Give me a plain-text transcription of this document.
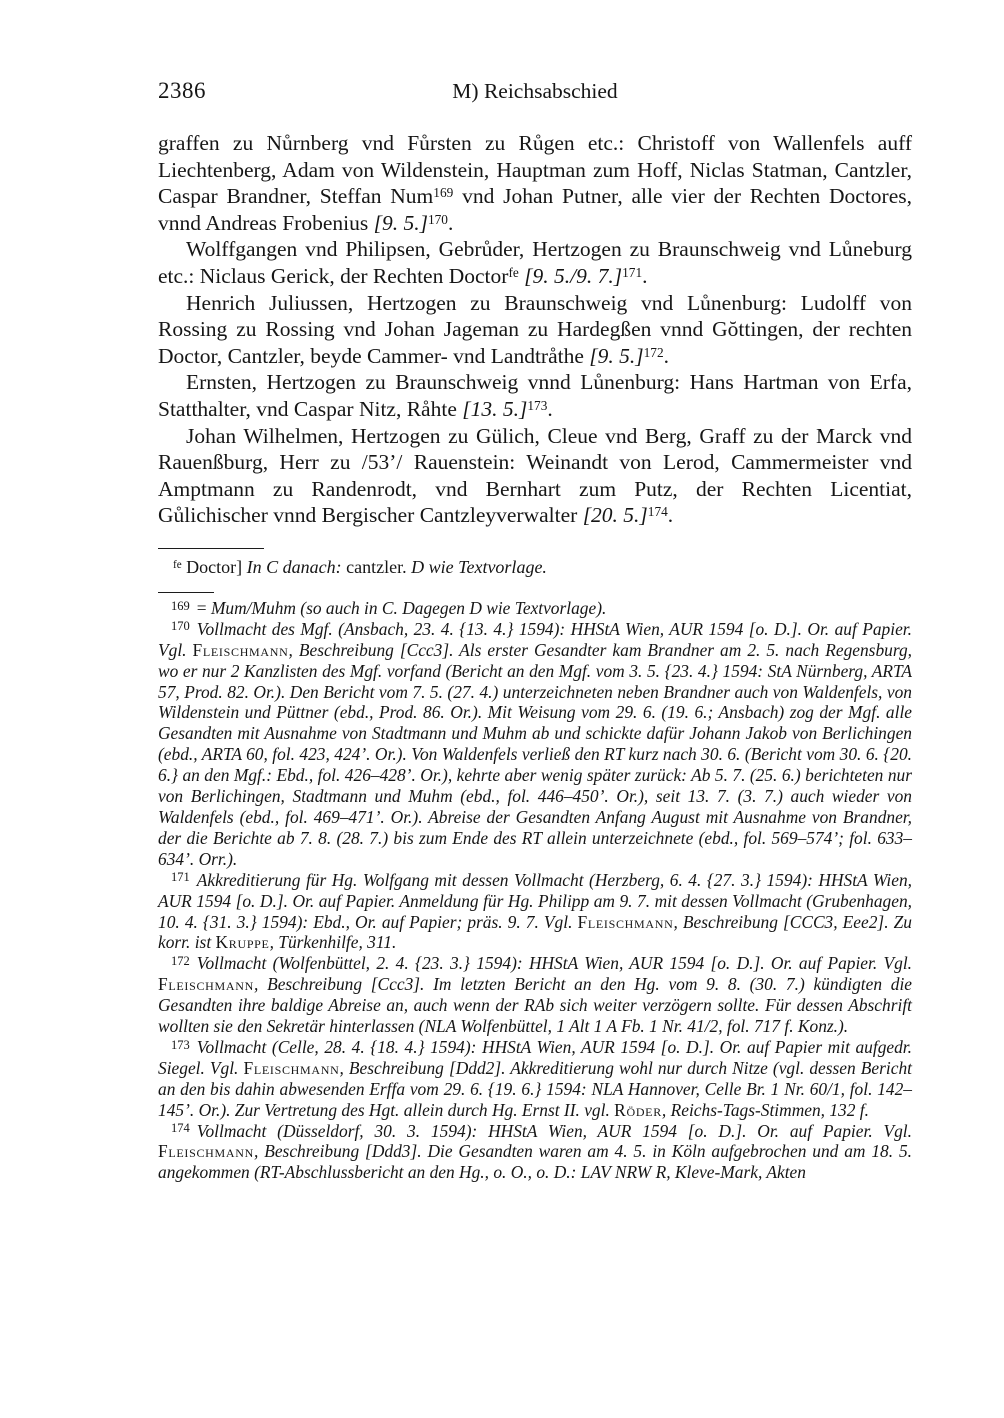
2386	M) Reichsabschied
graffen zu Nůrnberg vnd Fůrsten zu Růgen etc.: Christoff von Wallenfels auff Liechtenberg, Adam von Wildenstein, Hauptman zum Hoff, Niclas Statman, Cantzler, Caspar Brandner, Steffan Num$^{169}$ vnd Johan Putner, alle vier der Rechten Doctores, vnnd Andreas Frobenius [9. 5.]$^{170}$.
Wolffgangen vnd Philipsen, Gebrůder, Hertzogen zu Braunschweig vnd Lůneburg etc.: Niclaus Gerick, der Rechten Doctor$^{fe}$ [9. 5./9. 7.]$^{171}$.
Henrich Juliussen, Hertzogen zu Braunschweig vnd Lůnenburg: Ludolff von Rossing zu Rossing vnd Johan Jageman zu Hardegßen vnnd Gŏttingen, der rechten Doctor, Cantzler, beyde Cammer- vnd Landtråthe [9. 5.]$^{172}$.
Ernsten, Hertzogen zu Braunschweig vnnd Lůnenburg: Hans Hartman von Erfa, Statthalter, vnd Caspar Nitz, Råhte [13. 5.]$^{173}$.
Johan Wilhelmen, Hertzogen zu Gülich, Cleue vnd Berg, Graff zu der Marck vnd Rauenßburg, Herr zu /53’/ Rauenstein: Weinandt von Lerod, Cammermeister vnd Amptmann zu Randenrodt, vnd Bernhart zum Putz, der Rechten Licentiat, Gůlichischer vnnd Bergischer Cantzleyverwalter [20. 5.]$^{174}$.
$^{fe}$ Doctor] In C danach: cantzler. D wie Textvorlage.
$^{169}$ = Mum/Muhm (so auch in C. Dagegen D wie Textvorlage).
$^{170}$ Vollmacht des Mgf. (Ansbach, 23. 4. {13. 4.} 1594): HHStA Wien, AUR 1594 [o. D.]. Or. auf Papier. Vgl. Fleischmann, Beschreibung [Ccc3]. Als erster Gesandter kam Brandner am 2. 5. nach Regensburg, wo er nur 2 Kanzlisten des Mgf. vorfand (Bericht an den Mgf. vom 3. 5. {23. 4.} 1594: StA Nürnberg, ARTA 57, Prod. 82. Or.). Den Bericht vom 7. 5. (27. 4.) unterzeichneten neben Brandner auch von Waldenfels, von Wildenstein und Püttner (ebd., Prod. 86. Or.). Mit Weisung vom 29. 6. (19. 6.; Ansbach) zog der Mgf. alle Gesandten mit Ausnahme von Stadtmann und Muhm ab und schickte dafür Johann Jakob von Berlichingen (ebd., ARTA 60, fol. 423, 424’. Or.). Von Waldenfels verließ den RT kurz nach 30. 6. (Bericht vom 30. 6. {20. 6.} an den Mgf.: Ebd., fol. 426–428’. Or.), kehrte aber wenig später zurück: Ab 5. 7. (25. 6.) berichteten nur von Berlichingen, Stadtmann und Muhm (ebd., fol. 446–450’. Or.), seit 13. 7. (3. 7.) auch wieder von Waldenfels (ebd., fol. 469–471’. Or.). Abreise der Gesandten Anfang August mit Ausnahme von Brandner, der die Berichte ab 7. 8. (28. 7.) bis zum Ende des RT allein unterzeichnete (ebd., fol. 569–574’; fol. 633–634’. Orr.).
$^{171}$ Akkreditierung für Hg. Wolfgang mit dessen Vollmacht (Herzberg, 6. 4. {27. 3.} 1594): HHStA Wien, AUR 1594 [o. D.]. Or. auf Papier. Anmeldung für Hg. Philipp am 9. 7. mit dessen Vollmacht (Grubenhagen, 10. 4. {31. 3.} 1594): Ebd., Or. auf Papier; präs. 9. 7. Vgl. Fleischmann, Beschreibung [CCC3, Eee2]. Zu korr. ist Kruppe, Türkenhilfe, 311.
$^{172}$ Vollmacht (Wolfenbüttel, 2. 4. {23. 3.} 1594): HHStA Wien, AUR 1594 [o. D.]. Or. auf Papier. Vgl. Fleischmann, Beschreibung [Ccc3]. Im letzten Bericht an den Hg. vom 9. 8. (30. 7.) kündigten die Gesandten ihre baldige Abreise an, auch wenn der RAb sich weiter verzögern sollte. Für dessen Abschrift wollten sie den Sekretär hinterlassen (NLA Wolfenbüttel, 1 Alt 1 A Fb. 1 Nr. 41/2, fol. 717 f. Konz.).
$^{173}$ Vollmacht (Celle, 28. 4. {18. 4.} 1594): HHStA Wien, AUR 1594 [o. D.]. Or. auf Papier mit aufgedr. Siegel. Vgl. Fleischmann, Beschreibung [Ddd2]. Akkreditierung wohl nur durch Nitze (vgl. dessen Bericht an den bis dahin abwesenden Erffa vom 29. 6. {19. 6.} 1594: NLA Hannover, Celle Br. 1 Nr. 60/1, fol. 142–145’. Or.). Zur Vertretung des Hgt. allein durch Hg. Ernst II. vgl. Röder, Reichs-Tags-Stimmen, 132 f.
$^{174}$ Vollmacht (Düsseldorf, 30. 3. 1594): HHStA Wien, AUR 1594 [o. D.]. Or. auf Papier. Vgl. Fleischmann, Beschreibung [Ddd3]. Die Gesandten waren am 4. 5. in Köln aufgebrochen und am 18. 5. angekommen (RT-Abschlussbericht an den Hg., o. O., o. D.: LAV NRW R, Kleve-Mark, Akten
